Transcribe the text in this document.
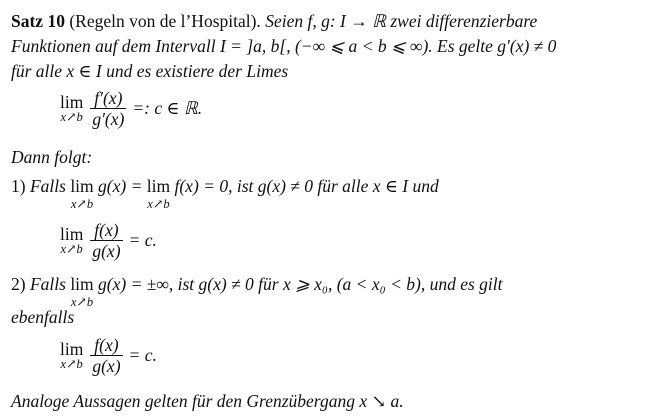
Satz 10 (Regeln von de l’Hospital). Seien f, g: I → ℝ zwei differenzierbare
Funktionen auf dem Intervall I = ]a, b[, (−∞ ⩽ a < b ⩽ ∞). Es gelte g′(x) ≠ 0
für alle x ∈ I und es existiere der Limes
lim
x↗b $\frac{f'(x)}{g'(x)}$ =: c ∈ ℝ.
Dann folgt:
1) Falls lim
x↗b
g(x) = lim
x↗b
f(x) = 0, ist g(x) ≠ 0 für alle x ∈ I und
lim
x↗b $\frac{f(x)}{g(x)} = c$.
2) Falls lim
x↗b
g(x) = ±∞, ist g(x) ≠ 0 für x ⩾ x₀, (a < x₀ < b), und es gilt
ebenfalls
lim
x↗b $\frac{f(x)}{g(x)} = c$.
Analoge Aussagen gelten für den Grenzübergang x ↘ a.
